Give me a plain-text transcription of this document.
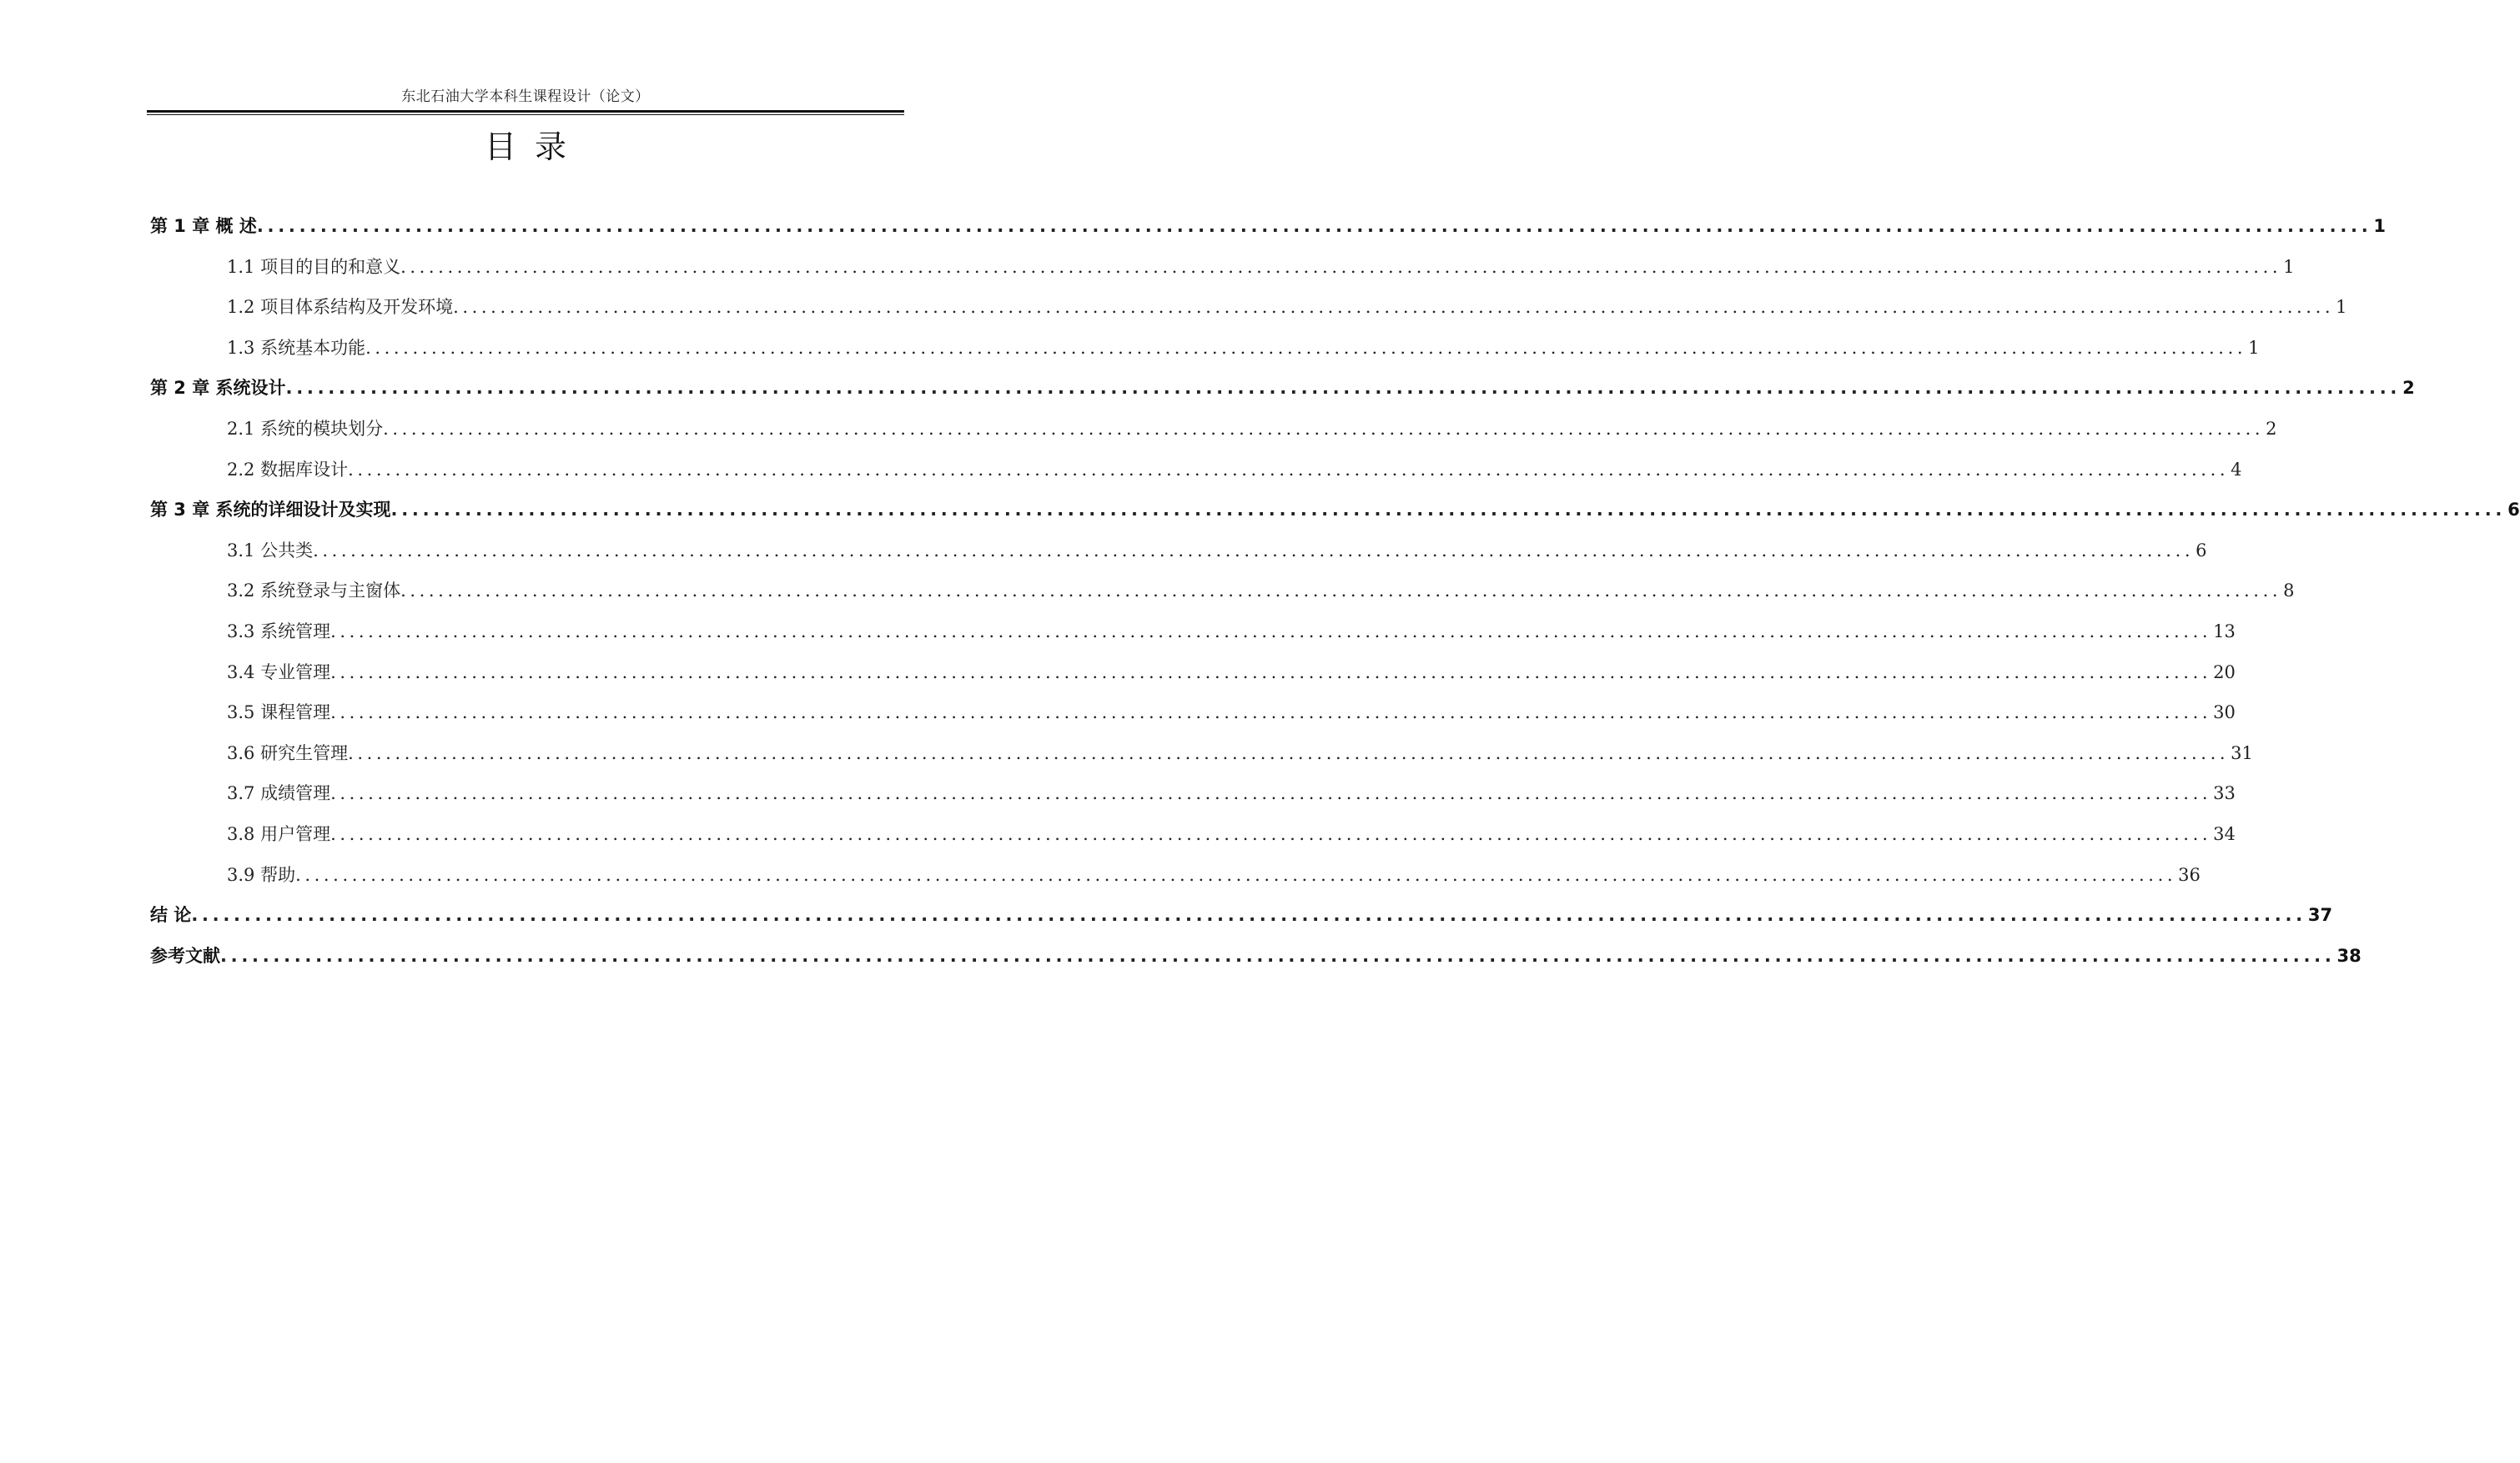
东北石油大学本科生课程设计（论文）
目录
第 1 章 概 述 ........................................................................................................................................................................................................ 1
1.1 项目的目的和意义 ........................................................................................................................................................................................................ 1
1.2 项目体系结构及开发环境 ........................................................................................................................................................................................................ 1
1.3 系统基本功能 ........................................................................................................................................................................................................ 1
第 2 章 系统设计 ........................................................................................................................................................................................................ 2
2.1 系统的模块划分 ........................................................................................................................................................................................................ 2
2.2 数据库设计 ........................................................................................................................................................................................................ 4
第 3 章 系统的详细设计及实现 ........................................................................................................................................................................................................ 6
3.1 公共类 ........................................................................................................................................................................................................ 6
3.2 系统登录与主窗体 ........................................................................................................................................................................................................ 8
3.3 系统管理 ........................................................................................................................................................................................................ 13
3.4 专业管理 ........................................................................................................................................................................................................ 20
3.5 课程管理 ........................................................................................................................................................................................................ 30
3.6 研究生管理 ........................................................................................................................................................................................................ 31
3.7 成绩管理 ........................................................................................................................................................................................................ 33
3.8 用户管理 ........................................................................................................................................................................................................ 34
3.9 帮助 ........................................................................................................................................................................................................ 36
结 论 ........................................................................................................................................................................................................ 37
参考文献 ........................................................................................................................................................................................................ 38
